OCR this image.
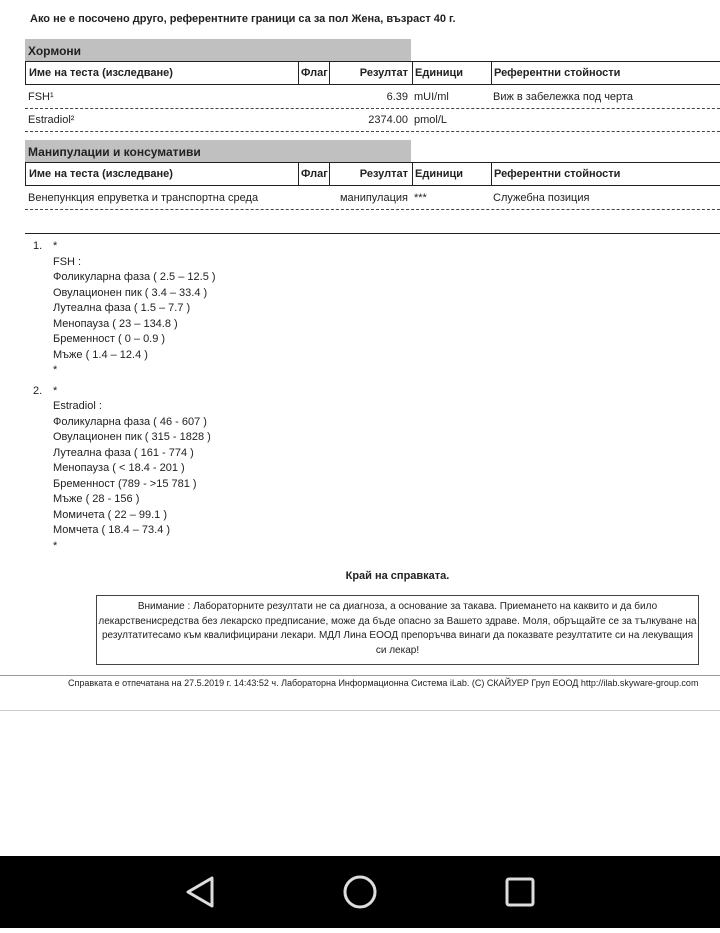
Ако не е посочено друго, референтните граници са за пол Жена, възраст 40 г.
Хормони
Име на теста (изследване)	Флаг	Резултат Единици	Референтни стойности
FSH¹	6.39 mUI/ml	Виж в забележка под черта
Estradiol²	2374.00 pmol/L
Манипулации и консумативи
Име на теста (изследване)	Флаг	Резултат Единици	Референтни стойности
Венепункция епруветка и транспортна среда	манипулация ***	Служебна позиция
1. *
FSH :
Фоликуларна фаза ( 2.5 – 12.5 )
Овулационен пик ( 3.4 – 33.4 )
Лутеална фаза ( 1.5 – 7.7 )
Менопауза ( 23 – 134.8 )
Бременност ( 0 – 0.9 )
Мъже ( 1.4 – 12.4 )
*
2. *
Estradiol :
Фоликуларна фаза ( 46 - 607 )
Овулационен пик ( 315 - 1828 )
Лутеална фаза ( 161 - 774 )
Менопауза ( < 18.4 - 201 )
Бременност (789 - >15 781 )
Мъже ( 28 - 156 )
Момичета ( 22 – 99.1 )
Момчета ( 18.4 – 73.4 )
*
Край на справката.
Внимание : Лабораторните резултати не са диагноза, а основание за такава. Приемането на каквито и да било лекарственисредства без лекарско предписание, може да бъде опасно за Вашето здраве. Моля, обръщайте се за тълкуване на резултатитесамо към квалифицирани лекари. МДЛ Лина ЕООД препоръчва винаги да показвате резултатите си на лекуващия си лекар!
Справката е отпечатана на 27.5.2019 г. 14:43:52 ч. Лабораторна Информационна Система iLab. (C) СКАЙУЕР Груп ЕООД http://ilab.skyware-group.com
